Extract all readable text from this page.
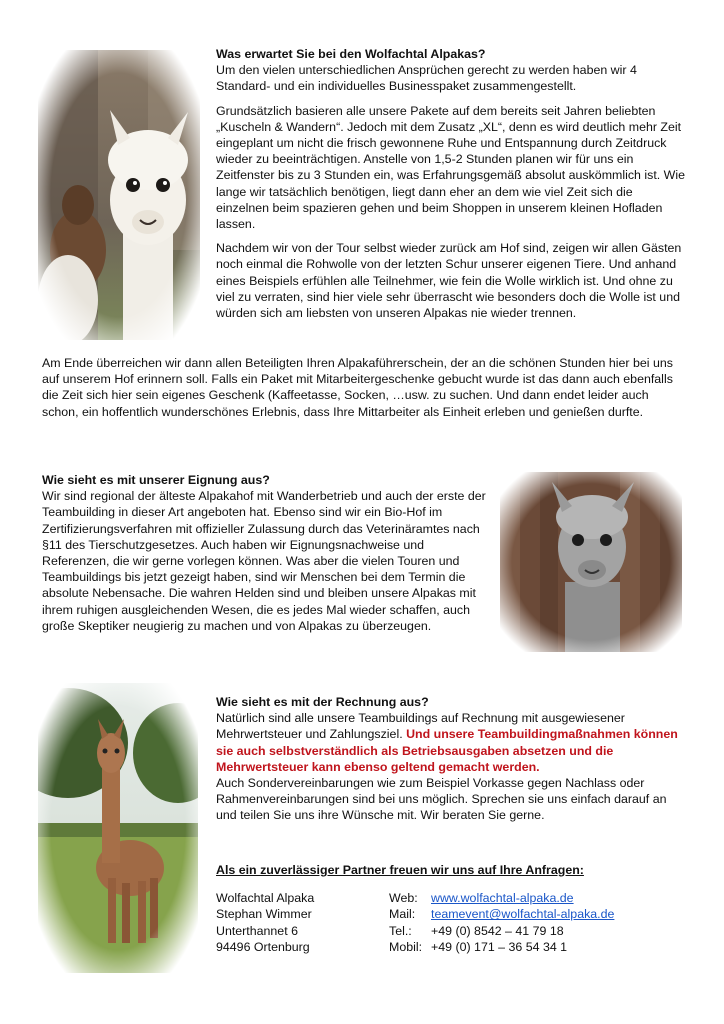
Was erwartet Sie bei den Wolfachtal Alpakas?

Um den vielen unterschiedlichen Ansprüchen gerecht zu werden haben wir 4 Standard- und ein individuelles Businesspaket zusammengestellt.

Grundsätzlich basieren alle unsere Pakete auf dem bereits seit Jahren beliebten „Kuscheln & Wandern“. Jedoch mit dem Zusatz „XL“, denn es wird deutlich mehr Zeit eingeplant um nicht die frisch gewonnene Ruhe und Entspannung durch Zeitdruck wieder zu beeinträchtigen. Anstelle von 1,5-2 Stunden planen wir für uns ein Zeitfenster bis zu 3 Stunden ein, was Erfahrungsgemäß absolut auskömmlich ist. Wie lange wir tatsächlich benötigen, liegt dann eher an dem wie viel Zeit sich die einzelnen beim spazieren gehen und beim Shoppen in unserem kleinen Hofladen lassen.

Nachdem wir von der Tour selbst wieder zurück am Hof sind, zeigen wir allen Gästen noch einmal die Rohwolle von der letzten Schur unserer eigenen Tiere. Und anhand eines Beispiels erfühlen alle Teilnehmer, wie fein die Wolle wirklich ist. Und ohne zu viel zu verraten, sind hier viele sehr überrascht wie besonders doch die Wolle ist und würden sich am liebsten von unseren Alpakas nie wieder trennen.

Am Ende überreichen wir dann allen Beteiligten Ihren Alpakaführerschein, der an die schönen Stunden hier bei uns auf unserem Hof erinnern soll. Falls ein Paket mit Mitarbeitergeschenke gebucht wurde ist das dann auch ebenfalls die Zeit sich hier sein eigenes Geschenk (Kaffeetasse, Socken, …usw. zu suchen. Und dann endet leider auch schon, ein hoffentlich wunderschönes Erlebnis, dass Ihre Mittarbeiter als Einheit erleben und genießen durfte.

Wie sieht es mit unserer Eignung aus?

Wir sind regional der älteste Alpakahof mit Wanderbetrieb und auch der erste der Teambuilding in dieser Art angeboten hat. Ebenso sind wir ein Bio-Hof im Zertifizierungsverfahren mit offizieller Zulassung durch das Veterinäramtes nach §11 des Tierschutzgesetzes. Auch haben wir Eignungsnachweise und Referenzen, die wir gerne vorlegen können. Was aber die vielen Touren und Teambuildings bis jetzt gezeigt haben, sind wir Menschen bei dem Termin die absolute Nebensache. Die wahren Helden sind und bleiben unsere Alpakas mit ihrem ruhigen ausgleichenden Wesen, die es jedes Mal wieder schaffen, auch große Skeptiker neugierig zu machen und von Alpakas zu überzeugen.

Wie sieht es mit der Rechnung aus?

Natürlich sind alle unsere Teambuildings auf Rechnung mit ausgewiesener Mehrwertsteuer und Zahlungsziel. Und unsere Teambuildingmaßnahmen können sie auch selbstverständlich als Betriebsausgaben absetzen und die Mehrwertsteuer kann ebenso geltend gemacht werden.

Auch Sondervereinbarungen wie zum Beispiel Vorkasse gegen Nachlass oder Rahmenvereinbarungen sind bei uns möglich. Sprechen sie uns einfach darauf an und teilen Sie uns ihre Wünsche mit. Wir beraten Sie gerne.

Als ein zuverlässiger Partner freuen wir uns auf Ihre Anfragen:

Wolfachtal Alpaka	Web:	www.wolfachtal-alpaka.de
Stephan Wimmer	Mail:	teamevent@wolfachtal-alpaka.de
Unterthannet 6	Tel.:	+49 (0) 8542 – 41 79 18
94496 Ortenburg	Mobil: +49 (0) 171 – 36 54 34 1
